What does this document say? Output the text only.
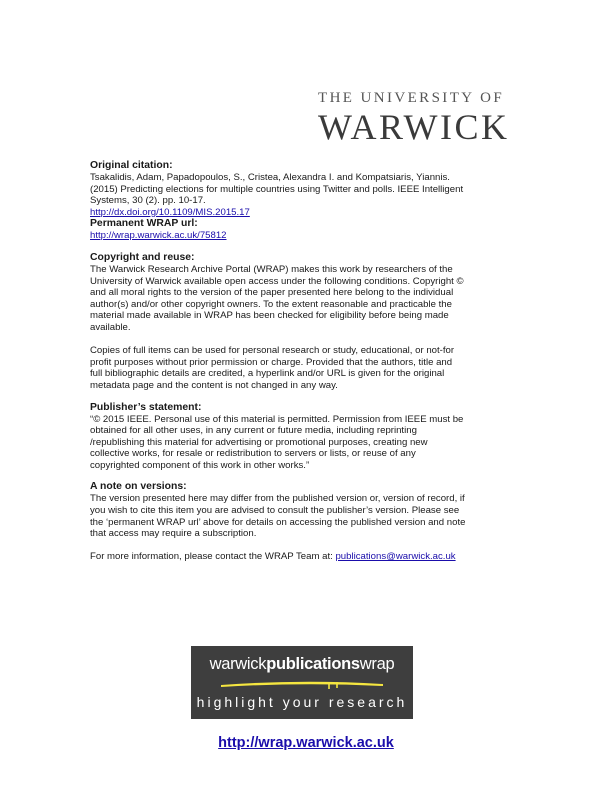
THE UNIVERSITY OF
WARWICK

Original citation:

Tsakalidis, Adam, Papadopoulos, S., Cristea, Alexandra I. and Kompatsiaris, Yiannis.

(2015) Predicting elections for multiple countries using Twitter and polls. IEEE Intelligent

Systems, 30 (2). pp. 10-17.

http://dx.doi.org/10.1109/MIS.2015.17

Permanent WRAP url:

http://wrap.warwick.ac.uk/75812

Copyright and reuse:

The Warwick Research Archive Portal (WRAP) makes this work by researchers of the

University of Warwick available open access under the following conditions. Copyright ©

and all moral rights to the version of the paper presented here belong to the individual

author(s) and/or other copyright owners. To the extent reasonable and practicable the

material made available in WRAP has been checked for eligibility before being made

available.

Copies of full items can be used for personal research or study, educational, or not-for

profit purposes without prior permission or charge. Provided that the authors, title and

full bibliographic details are credited, a hyperlink and/or URL is given for the original

metadata page and the content is not changed in any way.

Publisher’s statement:

“© 2015 IEEE. Personal use of this material is permitted. Permission from IEEE must be

obtained for all other uses, in any current or future media, including reprinting

/republishing this material for advertising or promotional purposes, creating new

collective works, for resale or redistribution to servers or lists, or reuse of any

copyrighted component of this work in other works.”

A note on versions:

The version presented here may differ from the published version or, version of record, if

you wish to cite this item you are advised to consult the publisher’s version. Please see

the ‘permanent WRAP url’ above for details on accessing the published version and note

that access may require a subscription.

For more information, please contact the WRAP Team at: publications@warwick.ac.uk

warwickpublicationswrap
highlight your research
http://wrap.warwick.ac.uk
